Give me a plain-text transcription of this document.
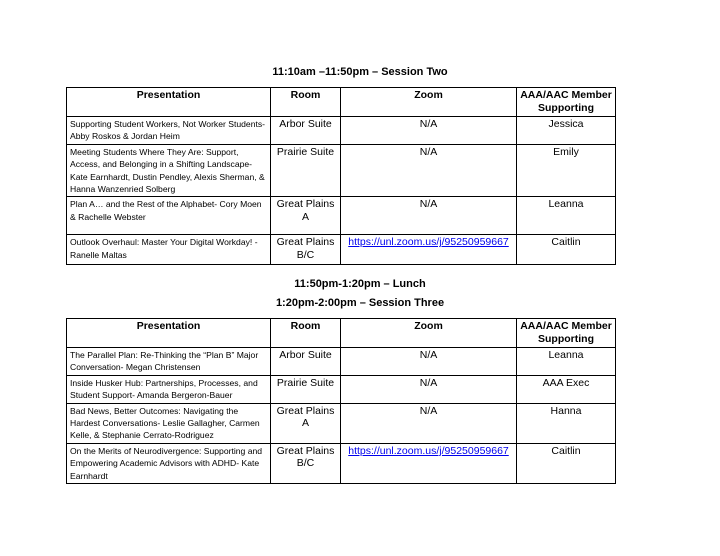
11:10am –11:50pm – Session Two
Presentation	Room	Zoom	AAA/AAC Member Supporting
Supporting Student Workers, Not Worker Students- Abby Roskos & Jordan Heim	Arbor Suite	N/A	Jessica
Meeting Students Where They Are: Support, Access, and Belonging in a Shifting Landscape- Kate Earnhardt, Dustin Pendley, Alexis Sherman, & Hanna Wanzenried Solberg	Prairie Suite	N/A	Emily
Plan A… and the Rest of the Alphabet- Cory Moen & Rachelle Webster	Great Plains A	N/A	Leanna
Outlook Overhaul: Master Your Digital Workday! - Ranelle Maltas	Great Plains B/C	https://unl.zoom.us/j/95250959667	Caitlin
11:50pm-1:20pm – Lunch
1:20pm-2:00pm – Session Three
Presentation	Room	Zoom	AAA/AAC Member Supporting
The Parallel Plan: Re-Thinking the “Plan B” Major Conversation- Megan Christensen	Arbor Suite	N/A	Leanna
Inside Husker Hub: Partnerships, Processes, and Student Support- Amanda Bergeron-Bauer	Prairie Suite	N/A	AAA Exec
Bad News, Better Outcomes: Navigating the Hardest Conversations- Leslie Gallagher, Carmen Kelle, & Stephanie Cerrato-Rodriguez	Great Plains A	N/A	Hanna
On the Merits of Neurodivergence: Supporting and Empowering Academic Advisors with ADHD- Kate Earnhardt	Great Plains B/C	https://unl.zoom.us/j/95250959667	Caitlin
